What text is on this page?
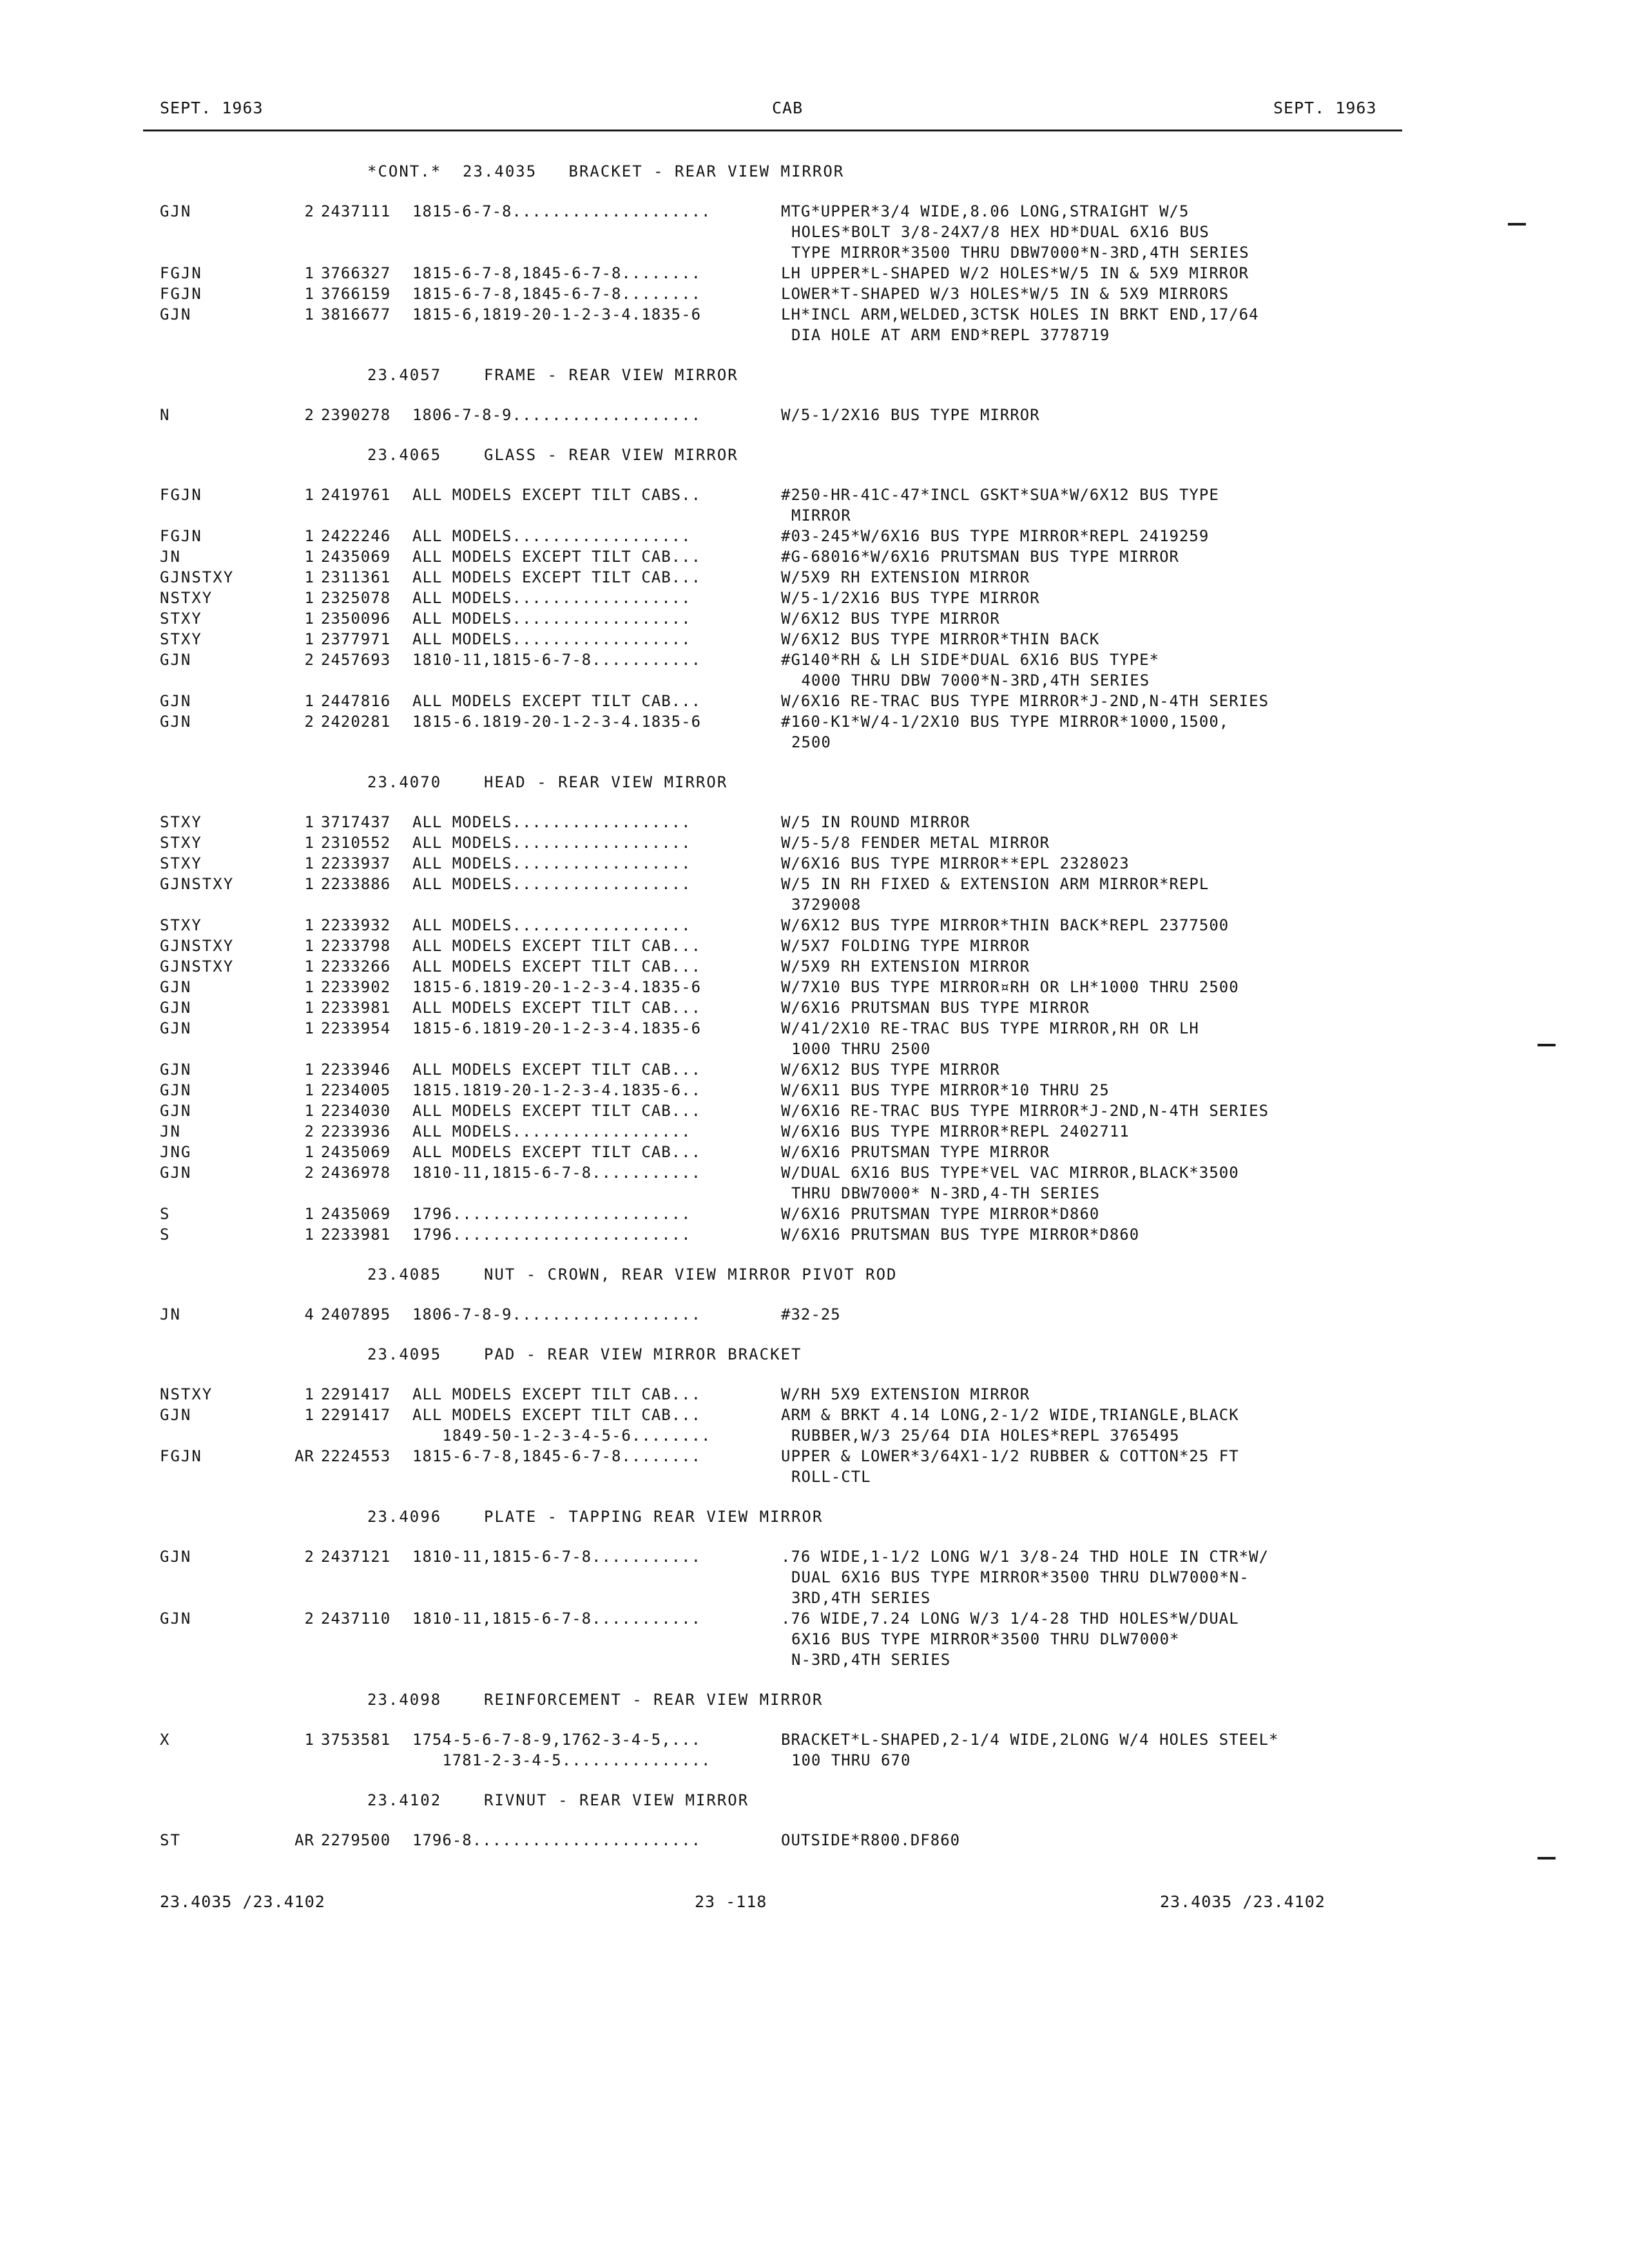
SEPT. 1963	CAB	SEPT. 1963
*CONT.*  23.4035   BRACKET - REAR VIEW MIRROR
GJN	2 2437111 1815-6-7-8....................	MTG*UPPER*3/4 WIDE,8.06 LONG,STRAIGHT W/5
HOLES*BOLT 3/8-24X7/8 HEX HD*DUAL 6X16 BUS
TYPE MIRROR*3500 THRU DBW7000*N-3RD,4TH SERIES
FGJN	1 3766327 1815-6-7-8,1845-6-7-8........	LH UPPER*L-SHAPED W/2 HOLES*W/5 IN & 5X9 MIRROR
FGJN	1 3766159 1815-6-7-8,1845-6-7-8........	LOWER*T-SHAPED W/3 HOLES*W/5 IN & 5X9 MIRRORS
GJN	1 3816677 1815-6,1819-20-1-2-3-4.1835-6	LH*INCL ARM,WELDED,3CTSK HOLES IN BRKT END,17/64
DIA HOLE AT ARM END*REPL 3778719
23.4057    FRAME - REAR VIEW MIRROR
N	2 2390278 1806-7-8-9...................	W/5-1/2X16 BUS TYPE MIRROR
23.4065    GLASS - REAR VIEW MIRROR
FGJN	1 2419761 ALL MODELS EXCEPT TILT CABS..	#250-HR-41C-47*INCL GSKT*SUA*W/6X12 BUS TYPE
MIRROR
FGJN	1 2422246 ALL MODELS..................	#03-245*W/6X16 BUS TYPE MIRROR*REPL 2419259
JN	1 2435069 ALL MODELS EXCEPT TILT CAB...	#G-68016*W/6X16 PRUTSMAN BUS TYPE MIRROR
GJNSTXY	1 2311361 ALL MODELS EXCEPT TILT CAB...	W/5X9 RH EXTENSION MIRROR
NSTXY	1 2325078 ALL MODELS..................	W/5-1/2X16 BUS TYPE MIRROR
STXY	1 2350096 ALL MODELS..................	W/6X12 BUS TYPE MIRROR
STXY	1 2377971 ALL MODELS..................	W/6X12 BUS TYPE MIRROR*THIN BACK
GJN	2 2457693 1810-11,1815-6-7-8...........	#G140*RH & LH SIDE*DUAL 6X16 BUS TYPE*
4000 THRU DBW 7000*N-3RD,4TH SERIES
GJN	1 2447816 ALL MODELS EXCEPT TILT CAB...	W/6X16 RE-TRAC BUS TYPE MIRROR*J-2ND,N-4TH SERIES
GJN	2 2420281 1815-6.1819-20-1-2-3-4.1835-6	#160-K1*W/4-1/2X10 BUS TYPE MIRROR*1000,1500,
2500
23.4070    HEAD - REAR VIEW MIRROR
STXY	1 3717437 ALL MODELS..................	W/5 IN ROUND MIRROR
STXY	1 2310552 ALL MODELS..................	W/5-5/8 FENDER METAL MIRROR
STXY	1 2233937 ALL MODELS..................	W/6X16 BUS TYPE MIRROR**EPL 2328023
GJNSTXY	1 2233886 ALL MODELS..................	W/5 IN RH FIXED & EXTENSION ARM MIRROR*REPL
3729008
STXY	1 2233932 ALL MODELS..................	W/6X12 BUS TYPE MIRROR*THIN BACK*REPL 2377500
GJNSTXY	1 2233798 ALL MODELS EXCEPT TILT CAB...	W/5X7 FOLDING TYPE MIRROR
GJNSTXY	1 2233266 ALL MODELS EXCEPT TILT CAB...	W/5X9 RH EXTENSION MIRROR
GJN	1 2233902 1815-6.1819-20-1-2-3-4.1835-6	W/7X10 BUS TYPE MIRROR¤RH OR LH*1000 THRU 2500
GJN	1 2233981 ALL MODELS EXCEPT TILT CAB...	W/6X16 PRUTSMAN BUS TYPE MIRROR
GJN	1 2233954 1815-6.1819-20-1-2-3-4.1835-6	W/41/2X10 RE-TRAC BUS TYPE MIRROR,RH OR LH
1000 THRU 2500
GJN	1 2233946 ALL MODELS EXCEPT TILT CAB...	W/6X12 BUS TYPE MIRROR
GJN	1 2234005 1815.1819-20-1-2-3-4.1835-6..	W/6X11 BUS TYPE MIRROR*10 THRU 25
GJN	1 2234030 ALL MODELS EXCEPT TILT CAB...	W/6X16 RE-TRAC BUS TYPE MIRROR*J-2ND,N-4TH SERIES
JN	2 2233936 ALL MODELS..................	W/6X16 BUS TYPE MIRROR*REPL 2402711
JNG	1 2435069 ALL MODELS EXCEPT TILT CAB...	W/6X16 PRUTSMAN TYPE MIRROR
GJN	2 2436978 1810-11,1815-6-7-8...........	W/DUAL 6X16 BUS TYPE*VEL VAC MIRROR,BLACK*3500
THRU DBW7000* N-3RD,4-TH SERIES
S	1 2435069 1796........................	W/6X16 PRUTSMAN TYPE MIRROR*D860
S	1 2233981 1796........................	W/6X16 PRUTSMAN BUS TYPE MIRROR*D860
23.4085    NUT - CROWN, REAR VIEW MIRROR PIVOT ROD
JN	4 2407895 1806-7-8-9...................	#32-25
23.4095    PAD - REAR VIEW MIRROR BRACKET
NSTXY	1 2291417 ALL MODELS EXCEPT TILT CAB...	W/RH 5X9 EXTENSION MIRROR
GJN	1 2291417 ALL MODELS EXCEPT TILT CAB...	ARM & BRKT 4.14 LONG,2-1/2 WIDE,TRIANGLE,BLACK
1849-50-1-2-3-4-5-6........	RUBBER,W/3 25/64 DIA HOLES*REPL 3765495
FGJN	AR 2224553 1815-6-7-8,1845-6-7-8........	UPPER & LOWER*3/64X1-1/2 RUBBER & COTTON*25 FT
ROLL-CTL
23.4096    PLATE - TAPPING REAR VIEW MIRROR
GJN	2 2437121 1810-11,1815-6-7-8...........	.76 WIDE,1-1/2 LONG W/1 3/8-24 THD HOLE IN CTR*W/
DUAL 6X16 BUS TYPE MIRROR*3500 THRU DLW7000*N-
3RD,4TH SERIES
GJN	2 2437110 1810-11,1815-6-7-8...........	.76 WIDE,7.24 LONG W/3 1/4-28 THD HOLES*W/DUAL
6X16 BUS TYPE MIRROR*3500 THRU DLW7000*
N-3RD,4TH SERIES
23.4098    REINFORCEMENT - REAR VIEW MIRROR
X	1 3753581 1754-5-6-7-8-9,1762-3-4-5,...	BRACKET*L-SHAPED,2-1/4 WIDE,2LONG W/4 HOLES STEEL*
1781-2-3-4-5...............	100 THRU 670
23.4102    RIVNUT - REAR VIEW MIRROR
ST	AR 2279500 1796-8.......................	OUTSIDE*R800.DF860
23.4035 /23.4102	23 -118	23.4035 /23.4102
